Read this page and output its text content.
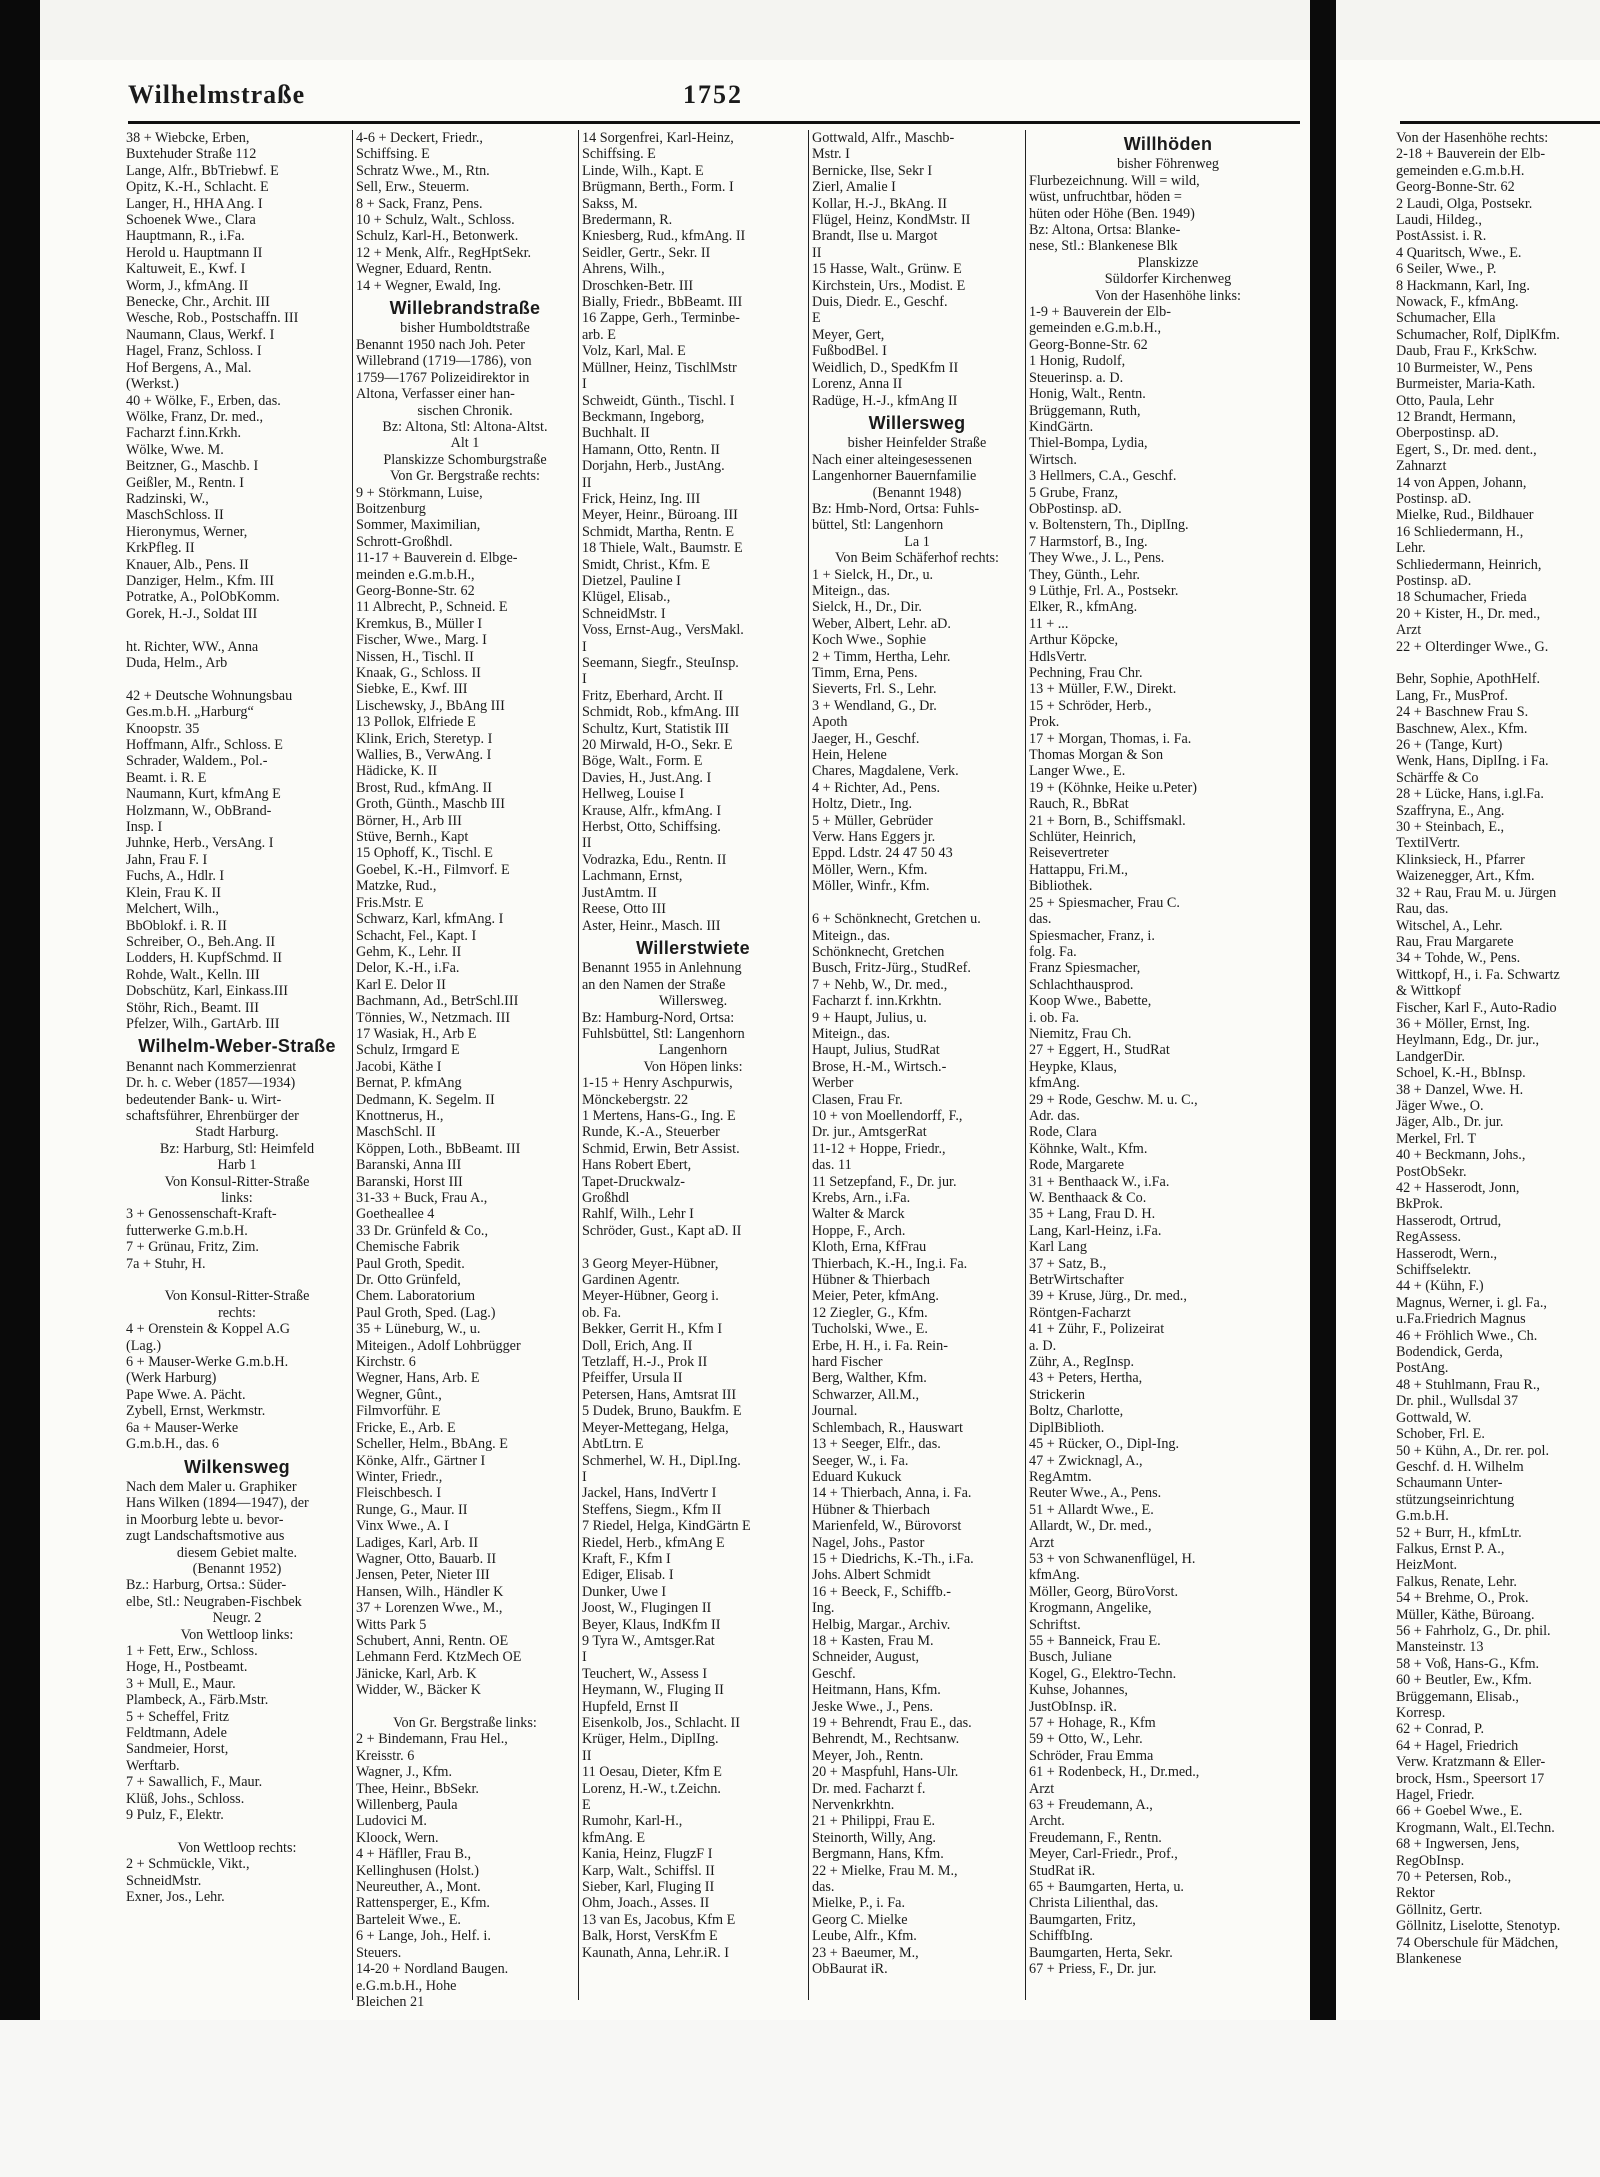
Wilhelmstraße	1752

38 + Wiebcke, Erben,

Buxtehuder Straße 112

Lange, Alfr., BbTriebwf. E

Opitz, K.-H., Schlacht. E

Langer, H., HHA Ang. I

Schoenek Wwe., Clara

Hauptmann, R., i.Fa.

Herold u. Hauptmann II

Kaltuweit, E., Kwf. I

Worm, J., kfmAng. II

Benecke, Chr., Archit. III

Wesche, Rob., Postschaffn. III

Naumann, Claus, Werkf. I

Hagel, Franz, Schloss. I

Hof Bergens, A., Mal.

(Werkst.)

40 + Wölke, F., Erben, das.

Wölke, Franz, Dr. med.,

Facharzt f.inn.Krkh.

Wölke, Wwe. M.

Beitzner, G., Maschb. I

Geißler, M., Rentn. I

Radzinski, W.,

MaschSchloss. II

Hieronymus, Werner,

KrkPfleg. II

Knauer, Alb., Pens. II

Danziger, Helm., Kfm. III

Potratke, A., PolObKomm.

Gorek, H.-J., Soldat III

ht. Richter, WW., Anna

Duda, Helm., Arb

42 + Deutsche Wohnungsbau

Ges.m.b.H. „Harburg“

Knoopstr. 35

Hoffmann, Alfr., Schloss. E

Schrader, Waldem., Pol.-

Beamt. i. R. E

Naumann, Kurt, kfmAng E

Holzmann, W., ObBrand-

Insp. I

Juhnke, Herb., VersAng. I

Jahn, Frau F. I

Fuchs, A., Hdlr. I

Klein, Frau K. II

Melchert, Wilh.,

BbOblokf. i. R. II

Schreiber, O., Beh.Ang. II

Lodders, H. KupfSchmd. II

Rohde, Walt., Kelln. III

Dobschütz, Karl, Einkass.III

Stöhr, Rich., Beamt. III

Pfelzer, Wilh., GartArb. III

Wilhelm-Weber-Straße

Benannt nach Kommerzienrat

Dr. h. c. Weber (1857—1934)

bedeutender Bank- u. Wirt-

schaftsführer, Ehrenbürger der

Stadt Harburg.

Bz: Harburg, Stl: Heimfeld

Harb 1

Von Konsul-Ritter-Straße

links:

3 + Genossenschaft-Kraft-

futterwerke G.m.b.H.

7 + Grünau, Fritz, Zim.

7a + Stuhr, H.

Von Konsul-Ritter-Straße

rechts:

4 + Orenstein & Koppel A.G

(Lag.)

6 + Mauser-Werke G.m.b.H.

(Werk Harburg)

Pape Wwe. A. Pächt.

Zybell, Ernst, Werkmstr.

6a + Mauser-Werke

G.m.b.H., das. 6

Wilkensweg

Nach dem Maler u. Graphiker

Hans Wilken (1894—1947), der

in Moorburg lebte u. bevor-

zugt Landschaftsmotive aus

diesem Gebiet malte.

(Benannt 1952)

Bz.: Harburg, Ortsa.: Süder-

elbe, Stl.: Neugraben-Fischbek

Neugr. 2

Von Wettloop links:

1 + Fett, Erw., Schloss.

Hoge, H., Postbeamt.

3 + Mull, E., Maur.

Plambeck, A., Färb.Mstr.

5 + Scheffel, Fritz

Feldtmann, Adele

Sandmeier, Horst,

Werftarb.

7 + Sawallich, F., Maur.

Klüß, Johs., Schloss.

9 Pulz, F., Elektr.

Von Wettloop rechts:

2 + Schmückle, Vikt.,

SchneidMstr.

Exner, Jos., Lehr.

4-6 + Deckert, Friedr.,

Schiffsing. E

Schratz Wwe., M., Rtn.

Sell, Erw., Steuerm.

8 + Sack, Franz, Pens.

10 + Schulz, Walt., Schloss.

Schulz, Karl-H., Betonwerk.

12 + Menk, Alfr., RegHptSekr.

Wegner, Eduard, Rentn.

14 + Wegner, Ewald, Ing.

Willebrandstraße

bisher Humboldtstraße

Benannt 1950 nach Joh. Peter

Willebrand (1719—1786), von

1759—1767 Polizeidirektor in

Altona, Verfasser einer han-

sischen Chronik.

Bz: Altona, Stl: Altona-Altst.

Alt 1

Planskizze Schomburgstraße

Von Gr. Bergstraße rechts:

9 + Störkmann, Luise,

Boitzenburg

Sommer, Maximilian,

Schrott-Großhdl.

11-17 + Bauverein d. Elbge-

meinden e.G.m.b.H.,

Georg-Bonne-Str. 62

11 Albrecht, P., Schneid. E

Kremkus, B., Müller I

Fischer, Wwe., Marg. I

Nissen, H., Tischl. II

Knaak, G., Schloss. II

Siebke, E., Kwf. III

Lischewsky, J., BbAng III

13 Pollok, Elfriede E

Klink, Erich, Steretyp. I

Wallies, B., VerwAng. I

Hädicke, K. II

Brost, Rud., kfmAng. II

Groth, Günth., Maschb III

Börner, H., Arb III

Stüve, Bernh., Kapt

15 Ophoff, K., Tischl. E

Goebel, K.-H., Filmvorf. E

Matzke, Rud.,

Fris.Mstr. E

Schwarz, Karl, kfmAng. I

Schacht, Fel., Kapt. I

Gehm, K., Lehr. II

Delor, K.-H., i.Fa.

Karl E. Delor II

Bachmann, Ad., BetrSchl.III

Tönnies, W., Netzmach. III

17 Wasiak, H., Arb E

Schulz, Irmgard E

Jacobi, Käthe I

Bernat, P. kfmAng

Dedmann, K. Segelm. II

Knottnerus, H.,

MaschSchl. II

Köppen, Loth., BbBeamt. III

Baranski, Anna III

Baranski, Horst III

31-33 + Buck, Frau A.,

Goetheallee 4

33 Dr. Grünfeld & Co.,

Chemische Fabrik

Paul Groth, Spedit.

Dr. Otto Grünfeld,

Chem. Laboratorium

Paul Groth, Sped. (Lag.)

35 + Lüneburg, W., u.

Miteigen., Adolf Lohbrügger

Kirchstr. 6

Wegner, Hans, Arb. E

Wegner, Gûnt.,

Filmvorführ. E

Fricke, E., Arb. E

Scheller, Helm., BbAng. E

Könke, Alfr., Gärtner I

Winter, Friedr.,

Fleischbesch. I

Runge, G., Maur. II

Vinx Wwe., A. I

Ladiges, Karl, Arb. II

Wagner, Otto, Bauarb. II

Jensen, Peter, Nieter III

Hansen, Wilh., Händler K

37 + Lorenzen Wwe., M.,

Witts Park 5

Schubert, Anni, Rentn. OE

Lehmann Ferd. KtzMech OE

Jänicke, Karl, Arb. K

Widder, W., Bäcker K

Von Gr. Bergstraße links:

2 + Bindemann, Frau Hel.,

Kreisstr. 6

Wagner, J., Kfm.

Thee, Heinr., BbSekr.

Willenberg, Paula

Ludovici M.

Kloock, Wern.

4 + Häfller, Frau B.,

Kellinghusen (Holst.)

Neureuther, A., Mont.

Rattensperger, E., Kfm.

Barteleit Wwe., E.

6 + Lange, Joh., Helf. i.

Steuers.

14-20 + Nordland Baugen.

e.G.m.b.H., Hohe

Bleichen 21

14 Sorgenfrei, Karl-Heinz,

Schiffsing. E

Linde, Wilh., Kapt. E

Brügmann, Berth., Form. I

Sakss, M.

Bredermann, R.

Kniesberg, Rud., kfmAng. II

Seidler, Gertr., Sekr. II

Ahrens, Wilh.,

Droschken-Betr. III

Bially, Friedr., BbBeamt. III

16 Zappe, Gerh., Terminbe-

arb. E

Volz, Karl, Mal. E

Müllner, Heinz, TischlMstr

I

Schweidt, Günth., Tischl. I

Beckmann, Ingeborg,

Buchhalt. II

Hamann, Otto, Rentn. II

Dorjahn, Herb., JustAng.

II

Frick, Heinz, Ing. III

Meyer, Heinr., Büroang. III

Schmidt, Martha, Rentn. E

18 Thiele, Walt., Baumstr. E

Smidt, Christ., Kfm. E

Dietzel, Pauline I

Klügel, Elisab.,

SchneidMstr. I

Voss, Ernst-Aug., VersMakl.

I

Seemann, Siegfr., SteuInsp.

I

Fritz, Eberhard, Archt. II

Schmidt, Rob., kfmAng. III

Schultz, Kurt, Statistik III

20 Mirwald, H-O., Sekr. E

Böge, Walt., Form. E

Davies, H., Just.Ang. I

Hellweg, Louise I

Krause, Alfr., kfmAng. I

Herbst, Otto, Schiffsing.

II

Vodrazka, Edu., Rentn. II

Lachmann, Ernst,

JustAmtm. II

Reese, Otto III

Aster, Heinr., Masch. III

Willerstwiete

Benannt 1955 in Anlehnung

an den Namen der Straße

Willersweg.

Bz: Hamburg-Nord, Ortsa:

Fuhlsbüttel, Stl: Langenhorn

Langenhorn

Von Höpen links:

1-15 + Henry Aschpurwis,

Mönckebergstr. 22

1 Mertens, Hans-G., Ing. E

Runde, K.-A., Steuerber

Schmid, Erwin, Betr Assist.

Hans Robert Ebert,

Tapet-Druckwalz-

Großhdl

Rahlf, Wilh., Lehr I

Schröder, Gust., Kapt aD. II

3 Georg Meyer-Hübner,

Gardinen Agentr.

Meyer-Hübner, Georg i.

ob. Fa.

Bekker, Gerrit H., Kfm I

Doll, Erich, Ang. II

Tetzlaff, H.-J., Prok II

Pfeiffer, Ursula II

Petersen, Hans, Amtsrat III

5 Dudek, Bruno, Baukfm. E

Meyer-Mettegang, Helga,

AbtLtrn. E

Schmerhel, W. H., Dipl.Ing.

I

Jackel, Hans, IndVertr I

Steffens, Siegm., Kfm II

7 Riedel, Helga, KindGärtn E

Riedel, Herb., kfmAng E

Kraft, F., Kfm I

Ediger, Elisab. I

Dunker, Uwe I

Joost, W., Flugingen II

Beyer, Klaus, IndKfm II

9 Tyra W., Amtsger.Rat

I

Teuchert, W., Assess I

Heymann, W., Fluging II

Hupfeld, Ernst II

Eisenkolb, Jos., Schlacht. II

Krüger, Helm., DiplIng.

II

11 Oesau, Dieter, Kfm E

Lorenz, H.-W., t.Zeichn.

E

Rumohr, Karl-H.,

kfmAng. E

Kania, Heinz, FlugzF I

Karp, Walt., Schiffsl. II

Sieber, Karl, Fluging II

Ohm, Joach., Asses. II

13 van Es, Jacobus, Kfm E

Balk, Horst, VersKfm E

Kaunath, Anna, Lehr.iR. I

Gottwald, Alfr., Maschb-

Mstr. I

Bernicke, Ilse, Sekr I

Zierl, Amalie I

Kollar, H.-J., BkAng. II

Flügel, Heinz, KondMstr. II

Brandt, Ilse u. Margot

II

15 Hasse, Walt., Grünw. E

Kirchstein, Urs., Modist. E

Duis, Diedr. E., Geschf.

E

Meyer, Gert,

FußbodBel. I

Weidlich, D., SpedKfm II

Lorenz, Anna II

Radüge, H.-J., kfmAng II

Willersweg

bisher Heinfelder Straße

Nach einer alteingesessenen

Langenhorner Bauernfamilie

(Benannt 1948)

Bz: Hmb-Nord, Ortsa: Fuhls-

büttel, Stl: Langenhorn

La 1

Von Beim Schäferhof rechts:

1 + Sielck, H., Dr., u.

Miteign., das.

Sielck, H., Dr., Dir.

Weber, Albert, Lehr. aD.

Koch Wwe., Sophie

2 + Timm, Hertha, Lehr.

Timm, Erna, Pens.

Sieverts, Frl. S., Lehr.

3 + Wendland, G., Dr.

Apoth

Jaeger, H., Geschf.

Hein, Helene

Chares, Magdalene, Verk.

4 + Richter, Ad., Pens.

Holtz, Dietr., Ing.

5 + Müller, Gebrüder

Verw. Hans Eggers jr.

Eppd. Ldstr. 24 47 50 43

Möller, Wern., Kfm.

Möller, Winfr., Kfm.

6 + Schönknecht, Gretchen u.

Miteign., das.

Schönknecht, Gretchen

Busch, Fritz-Jürg., StudRef.

7 + Nehb, W., Dr. med.,

Facharzt f. inn.Krkhtn.

9 + Haupt, Julius, u.

Miteign., das.

Haupt, Julius, StudRat

Brose, H.-M., Wirtsch.-

Werber

Clasen, Frau Fr.

10 + von Moellendorff, F.,

Dr. jur., AmtsgerRat

11-12 + Hoppe, Friedr.,

das. 11

11 Setzepfand, F., Dr. jur.

Krebs, Arn., i.Fa.

Walter & Marck

Hoppe, F., Arch.

Kloth, Erna, KfFrau

Thierbach, K.-H., Ing.i. Fa.

Hübner & Thierbach

Meier, Peter, kfmAng.

12 Ziegler, G., Kfm.

Tucholski, Wwe., E.

Erbe, H. H., i. Fa. Rein-

hard Fischer

Berg, Walther, Kfm.

Schwarzer, All.M.,

Journal.

Schlembach, R., Hauswart

13 + Seeger, Elfr., das.

Seeger, W., i. Fa.

Eduard Kukuck

14 + Thierbach, Anna, i. Fa.

Hübner & Thierbach

Marienfeld, W., Bürovorst

Nagel, Johs., Pastor

15 + Diedrichs, K.-Th., i.Fa.

Johs. Albert Schmidt

16 + Beeck, F., Schiffb.-

Ing.

Helbig, Margar., Archiv.

18 + Kasten, Frau M.

Schneider, August,

Geschf.

Heitmann, Hans, Kfm.

Jeske Wwe., J., Pens.

19 + Behrendt, Frau E., das.

Behrendt, M., Rechtsanw.

Meyer, Joh., Rentn.

20 + Maspfuhl, Hans-Ulr.

Dr. med. Facharzt f.

Nervenkrkhtn.

21 + Philippi, Frau E.

Steinorth, Willy, Ang.

Bergmann, Hans, Kfm.

22 + Mielke, Frau M. M.,

das.

Mielke, P., i. Fa.

Georg C. Mielke

Leube, Alfr., Kfm.

23 + Baeumer, M.,

ObBaurat iR.

Willhöden

bisher Föhrenweg

Flurbezeichnung. Will = wild,

wüst, unfruchtbar, höden =

hüten oder Höhe (Ben. 1949)

Bz: Altona, Ortsa: Blanke-

nese, Stl.: Blankenese Blk

Planskizze

Süldorfer Kirchenweg

Von der Hasenhöhe links:

1-9 + Bauverein der Elb-

gemeinden e.G.m.b.H.,

Georg-Bonne-Str. 62

1 Honig, Rudolf,

Steuerinsp. a. D.

Honig, Walt., Rentn.

Brüggemann, Ruth,

KindGärtn.

Thiel-Bompa, Lydia,

Wirtsch.

3 Hellmers, C.A., Geschf.

5 Grube, Franz,

ObPostinsp. aD.

v. Boltenstern, Th., DiplIng.

7 Harmstorf, B., Ing.

They Wwe., J. L., Pens.

They, Günth., Lehr.

9 Lüthje, Frl. A., Postsekr.

Elker, R., kfmAng.

11 + ...

Arthur Köpcke,

HdlsVertr.

Pechning, Frau Chr.

13 + Müller, F.W., Direkt.

15 + Schröder, Herb.,

Prok.

17 + Morgan, Thomas, i. Fa.

Thomas Morgan & Son

Langer Wwe., E.

19 + (Köhnke, Heike u.Peter)

Rauch, R., BbRat

21 + Born, B., Schiffsmakl.

Schlüter, Heinrich,

Reisevertreter

Hattappu, Fri.M.,

Bibliothek.

25 + Spiesmacher, Frau C.

das.

Spiesmacher, Franz, i.

folg. Fa.

Franz Spiesmacher,

Schlachthausprod.

Koop Wwe., Babette,

i. ob. Fa.

Niemitz, Frau Ch.

27 + Eggert, H., StudRat

Heypke, Klaus,

kfmAng.

29 + Rode, Geschw. M. u. C.,

Adr. das.

Rode, Clara

Köhnke, Walt., Kfm.

Rode, Margarete

31 + Benthaack W., i.Fa.

W. Benthaack & Co.

35 + Lang, Frau D. H.

Lang, Karl-Heinz, i.Fa.

Karl Lang

37 + Satz, B.,

BetrWirtschafter

39 + Kruse, Jürg., Dr. med.,

Röntgen-Facharzt

41 + Zühr, F., Polizeirat

a. D.

Zühr, A., RegInsp.

43 + Peters, Hertha,

Strickerin

Boltz, Charlotte,

DiplBiblioth.

45 + Rücker, O., Dipl-Ing.

47 + Zwicknagl, A.,

RegAmtm.

Reuter Wwe., A., Pens.

51 + Allardt Wwe., E.

Allardt, W., Dr. med.,

Arzt

53 + von Schwanenflügel, H.

kfmAng.

Möller, Georg, BüroVorst.

Krogmann, Angelike,

Schriftst.

55 + Banneick, Frau E.

Busch, Juliane

Kogel, G., Elektro-Techn.

Kuhse, Johannes,

JustObInsp. iR.

57 + Hohage, R., Kfm

59 + Otto, W., Lehr.

Schröder, Frau Emma

61 + Rodenbeck, H., Dr.med.,

Arzt

63 + Freudemann, A.,

Archt.

Freudemann, F., Rentn.

Meyer, Carl-Friedr., Prof.,

StudRat iR.

65 + Baumgarten, Herta, u.

Christa Lilienthal, das.

Baumgarten, Fritz,

SchiffbIng.

Baumgarten, Herta, Sekr.

67 + Priess, F., Dr. jur.

Von der Hasenhöhe rechts:

2-18 + Bauverein der Elb-

gemeinden e.G.m.b.H.

Georg-Bonne-Str. 62

2 Laudi, Olga, Postsekr.

Laudi, Hildeg.,

PostAssist. i. R.

4 Quaritsch, Wwe., E.

6 Seiler, Wwe., P.

8 Hackmann, Karl, Ing.

Nowack, F., kfmAng.

Schumacher, Ella

Schumacher, Rolf, DiplKfm.

Daub, Frau F., KrkSchw.

10 Burmeister, W., Pens

Burmeister, Maria-Kath.

Otto, Paula, Lehr

12 Brandt, Hermann,

Oberpostinsp. aD.

Egert, S., Dr. med. dent.,

Zahnarzt

14 von Appen, Johann,

Postinsp. aD.

Mielke, Rud., Bildhauer

16 Schliedermann, H.,

Lehr.

Schliedermann, Heinrich,

Postinsp. aD.

18 Schumacher, Frieda

20 + Kister, H., Dr. med.,

Arzt

22 + Olterdinger Wwe., G.

Behr, Sophie, ApothHelf.

Lang, Fr., MusProf.

24 + Baschnew Frau S.

Baschnew, Alex., Kfm.

26 + (Tange, Kurt)

Wenk, Hans, DiplIng. i Fa.

Schärffe & Co

28 + Lücke, Hans, i.gl.Fa.

Szaffryna, E., Ang.

30 + Steinbach, E.,

TextilVertr.

Klinksieck, H., Pfarrer

Waizenegger, Art., Kfm.

32 + Rau, Frau M. u. Jürgen

Rau, das.

Witschel, A., Lehr.

Rau, Frau Margarete

34 + Tohde, W., Pens.

Wittkopf, H., i. Fa. Schwartz

& Wittkopf

Fischer, Karl F., Auto-Radio

36 + Möller, Ernst, Ing.

Heylmann, Edg., Dr. jur.,

LandgerDir.

Schoel, K.-H., BbInsp.

38 + Danzel, Wwe. H.

Jäger Wwe., O.

Jäger, Alb., Dr. jur.

Merkel, Frl. T

40 + Beckmann, Johs.,

PostObSekr.

42 + Hasserodt, Jonn,

BkProk.

Hasserodt, Ortrud,

RegAssess.

Hasserodt, Wern.,

Schiffselektr.

44 + (Kühn, F.)

Magnus, Werner, i. gl. Fa.,

u.Fa.Friedrich Magnus

46 + Fröhlich Wwe., Ch.

Bodendick, Gerda,

PostAng.

48 + Stuhlmann, Frau R.,

Dr. phil., Wullsdal 37

Gottwald, W.

Schober, Frl. E.

50 + Kühn, A., Dr. rer. pol.

Geschf. d. H. Wilhelm

Schaumann Unter-

stützungseinrichtung

G.m.b.H.

52 + Burr, H., kfmLtr.

Falkus, Ernst P. A.,

HeizMont.

Falkus, Renate, Lehr.

54 + Brehme, O., Prok.

Müller, Käthe, Büroang.

56 + Fahrholz, G., Dr. phil.

Mansteinstr. 13

58 + Voß, Hans-G., Kfm.

60 + Beutler, Ew., Kfm.

Brüggemann, Elisab.,

Korresp.

62 + Conrad, P.

64 + Hagel, Friedrich

Verw. Kratzmann & Eller-

brock, Hsm., Speersort 17

Hagel, Friedr.

66 + Goebel Wwe., E.

Krogmann, Walt., El.Techn.

68 + Ingwersen, Jens,

RegObInsp.

70 + Petersen, Rob.,

Rektor

Göllnitz, Gertr.

Göllnitz, Liselotte, Stenotyp.

74 Oberschule für Mädchen,

Blankenese
